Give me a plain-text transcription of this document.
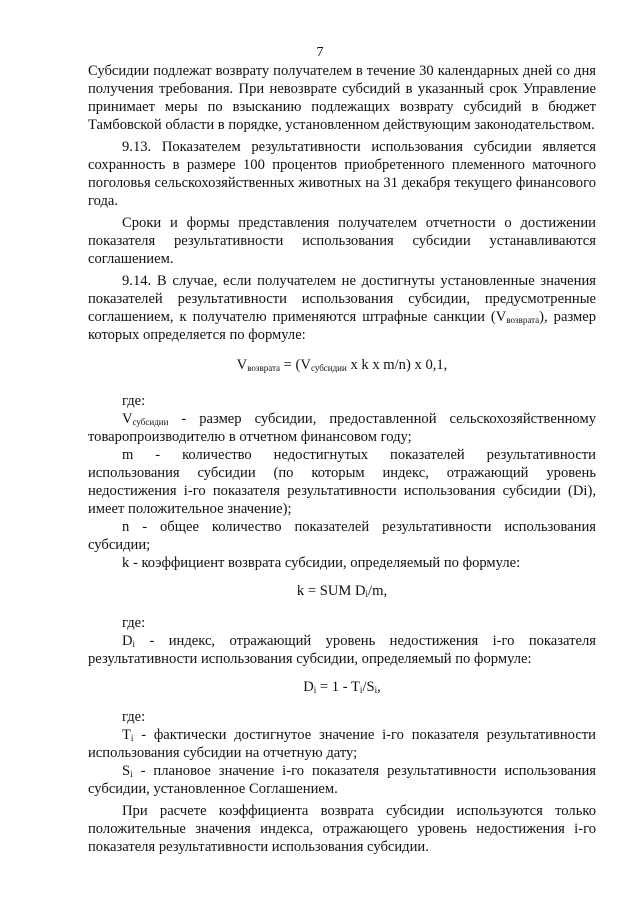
7

Субсидии подлежат возврату получателем в течение 30 календарных дней со дня получения требования. При невозврате субсидий в указанный срок Управление принимает меры по взысканию подлежащих возврату субсидий в бюджет Тамбовской области в порядке, установленном действующим законодательством.

9.13. Показателем результативности использования субсидии является сохранность в размере 100 процентов приобретенного племенного маточного поголовья сельскохозяйственных животных на 31 декабря текущего финансового года.

Сроки и формы представления получателем отчетности о достижении показателя результативности использования субсидии устанавливаются соглашением.

9.14. В случае, если получателем не достигнуты установленные значения показателей результативности использования субсидии, предусмотренные соглашением, к получателю применяются штрафные санкции $(V_{возврата})$, размер которых определяется по формуле:

$V_{возврата} = (V_{субсидии}$ x k x m/n) x 0,1,

где:

$V_{субсидии}$ - размер субсидии, предоставленной сельскохозяйственному товаропроизводителю в отчетном финансовом году;

m - количество недостигнутых показателей результативности использования субсидии (по которым индекс, отражающий уровень недостижения i-го показателя результативности использования субсидии (Di), имеет положительное значение);

n - общее количество показателей результативности использования субсидии;

k - коэффициент возврата субсидии, определяемый по формуле:

k = SUM $D_i/m$,

где:

$D_i$ - индекс, отражающий уровень недостижения i-го показателя результативности использования субсидии, определяемый по формуле:

$D_i = 1 - T_i/S_i$,

где:

$T_i$ - фактически достигнутое значение i-го показателя результативности использования субсидии на отчетную дату;

$S_i$ - плановое значение i-го показателя результативности использования субсидии, установленное Соглашением.

При расчете коэффициента возврата субсидии используются только положительные значения индекса, отражающего уровень недостижения i-го показателя результативности использования субсидии.
